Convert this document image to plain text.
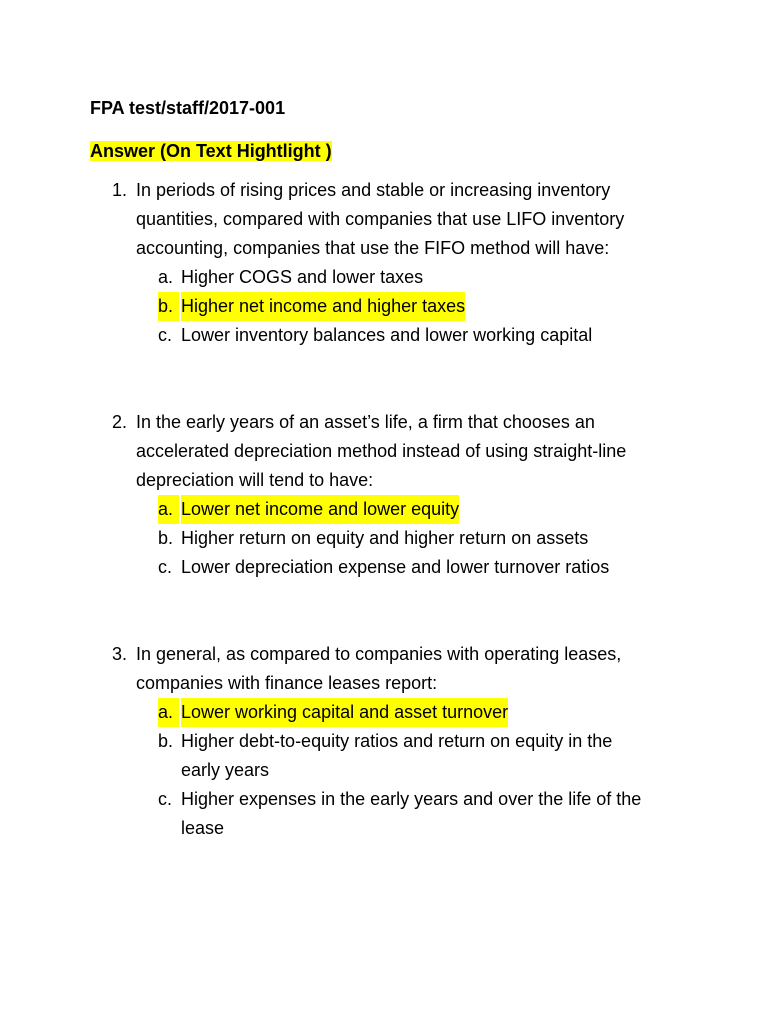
FPA test/staff/2017-001

Answer (On Text Hightlight )

1. In periods of rising prices and stable or increasing inventory
quantities, compared with companies that use LIFO inventory
accounting, companies that use the FIFO method will have:
a. Higher COGS and lower taxes
b. Higher net income and higher taxes
c. Lower inventory balances and lower working capital
2. In the early years of an asset’s life, a firm that chooses an
accelerated depreciation method instead of using straight-line
depreciation will tend to have:
a. Lower net income and lower equity
b. Higher return on equity and higher return on assets
c. Lower depreciation expense and lower turnover ratios
3. In general, as compared to companies with operating leases,
companies with finance leases report:
a. Lower working capital and asset turnover
b. Higher debt-to-equity ratios and return on equity in the
early years
c. Higher expenses in the early years and over the life of the
lease
